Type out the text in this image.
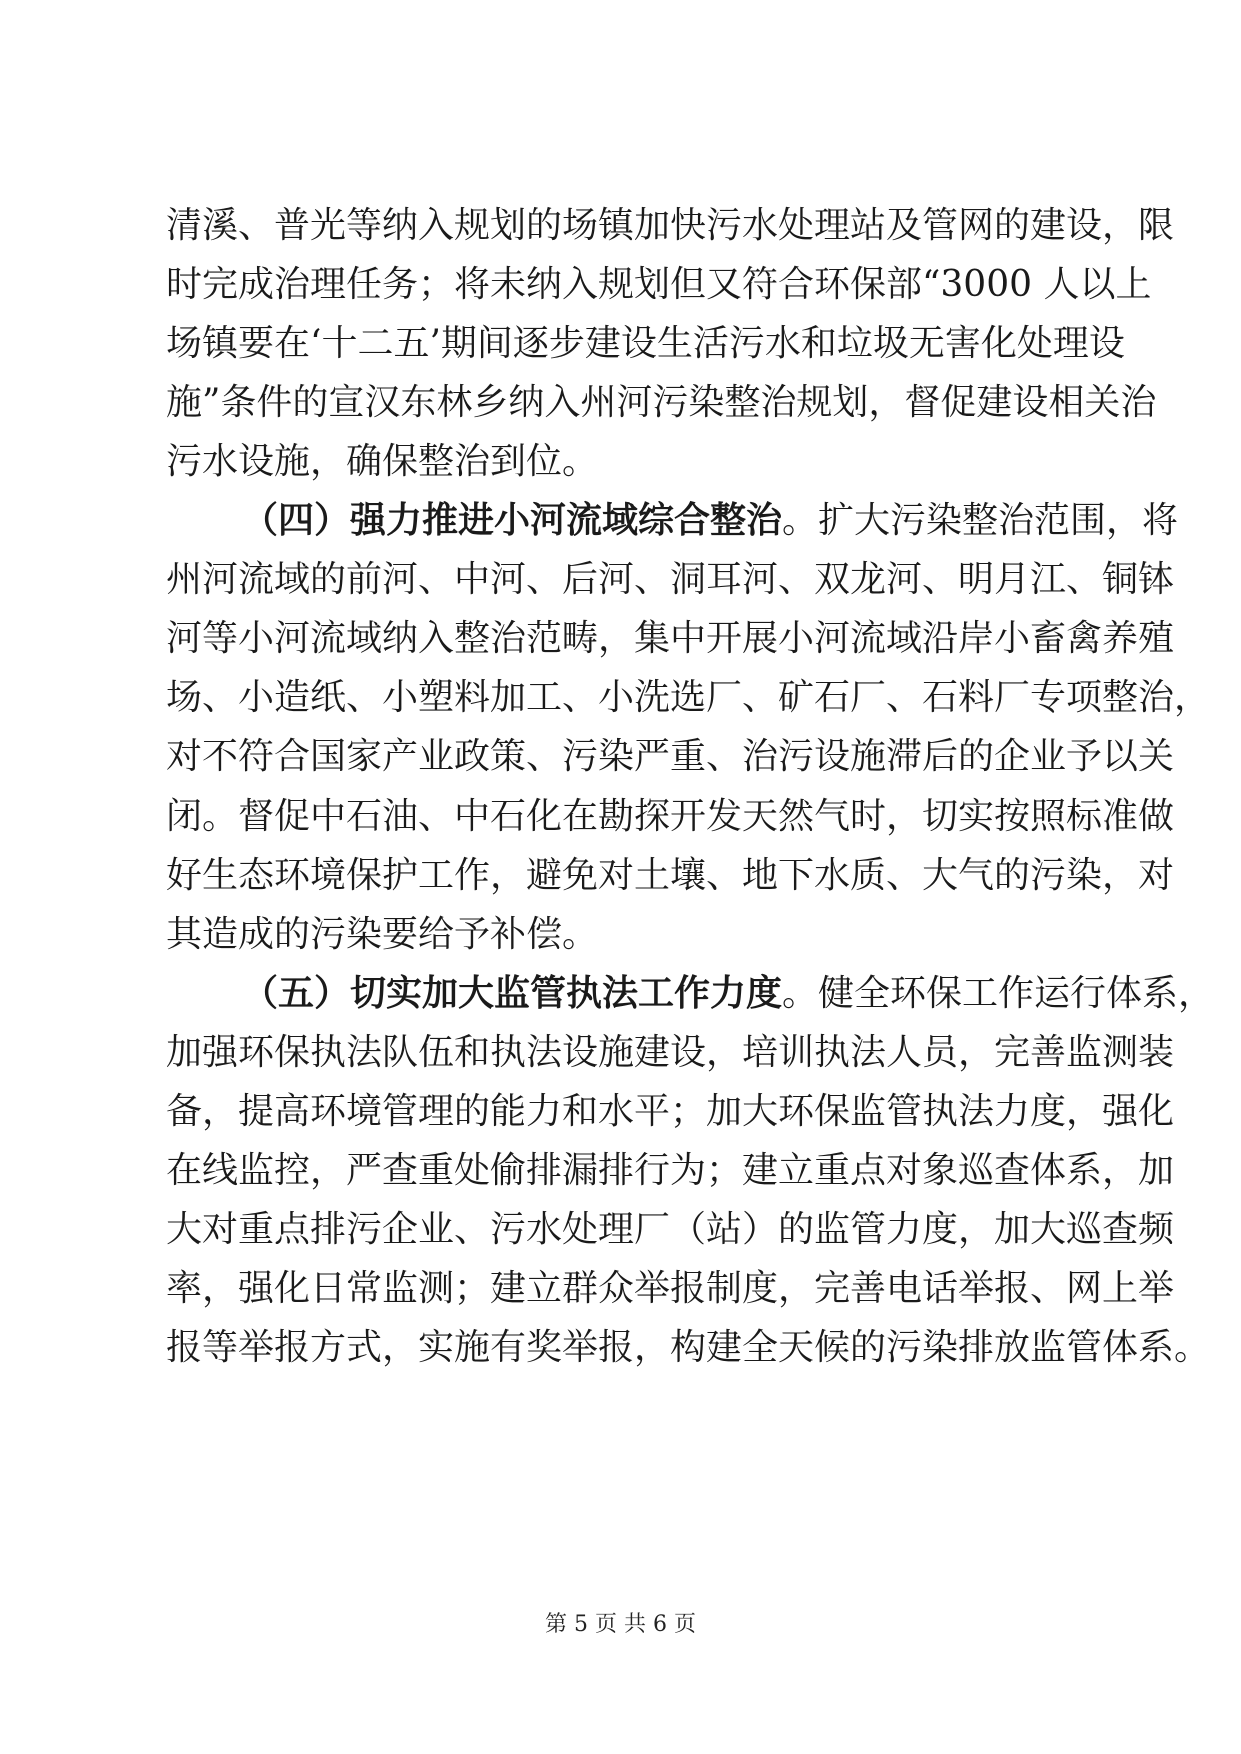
清溪、普光等纳入规划的场镇加快污水处理站及管网的建设，限
时完成治理任务；将未纳入规划但又符合环保部“3000 人以上
场镇要在‘十二五’期间逐步建设生活污水和垃圾无害化处理设
施”条件的宣汉东林乡纳入州河污染整治规划，督促建设相关治
污水设施，确保整治到位。
（四）强力推进小河流域综合整治。扩大污染整治范围，将
州河流域的前河、中河、后河、洞耳河、双龙河、明月江、铜钵
河等小河流域纳入整治范畴，集中开展小河流域沿岸小畜禽养殖
场、小造纸、小塑料加工、小洗选厂、矿石厂、石料厂专项整治，
对不符合国家产业政策、污染严重、治污设施滞后的企业予以关
闭。督促中石油、中石化在勘探开发天然气时，切实按照标准做
好生态环境保护工作，避免对土壤、地下水质、大气的污染，对
其造成的污染要给予补偿。
（五）切实加大监管执法工作力度。健全环保工作运行体系，
加强环保执法队伍和执法设施建设，培训执法人员，完善监测装
备，提高环境管理的能力和水平；加大环保监管执法力度，强化
在线监控，严查重处偷排漏排行为；建立重点对象巡查体系，加
大对重点排污企业、污水处理厂（站）的监管力度，加大巡查频
率，强化日常监测；建立群众举报制度，完善电话举报、网上举
报等举报方式，实施有奖举报，构建全天候的污染排放监管体系。
第 5 页 共 6 页
